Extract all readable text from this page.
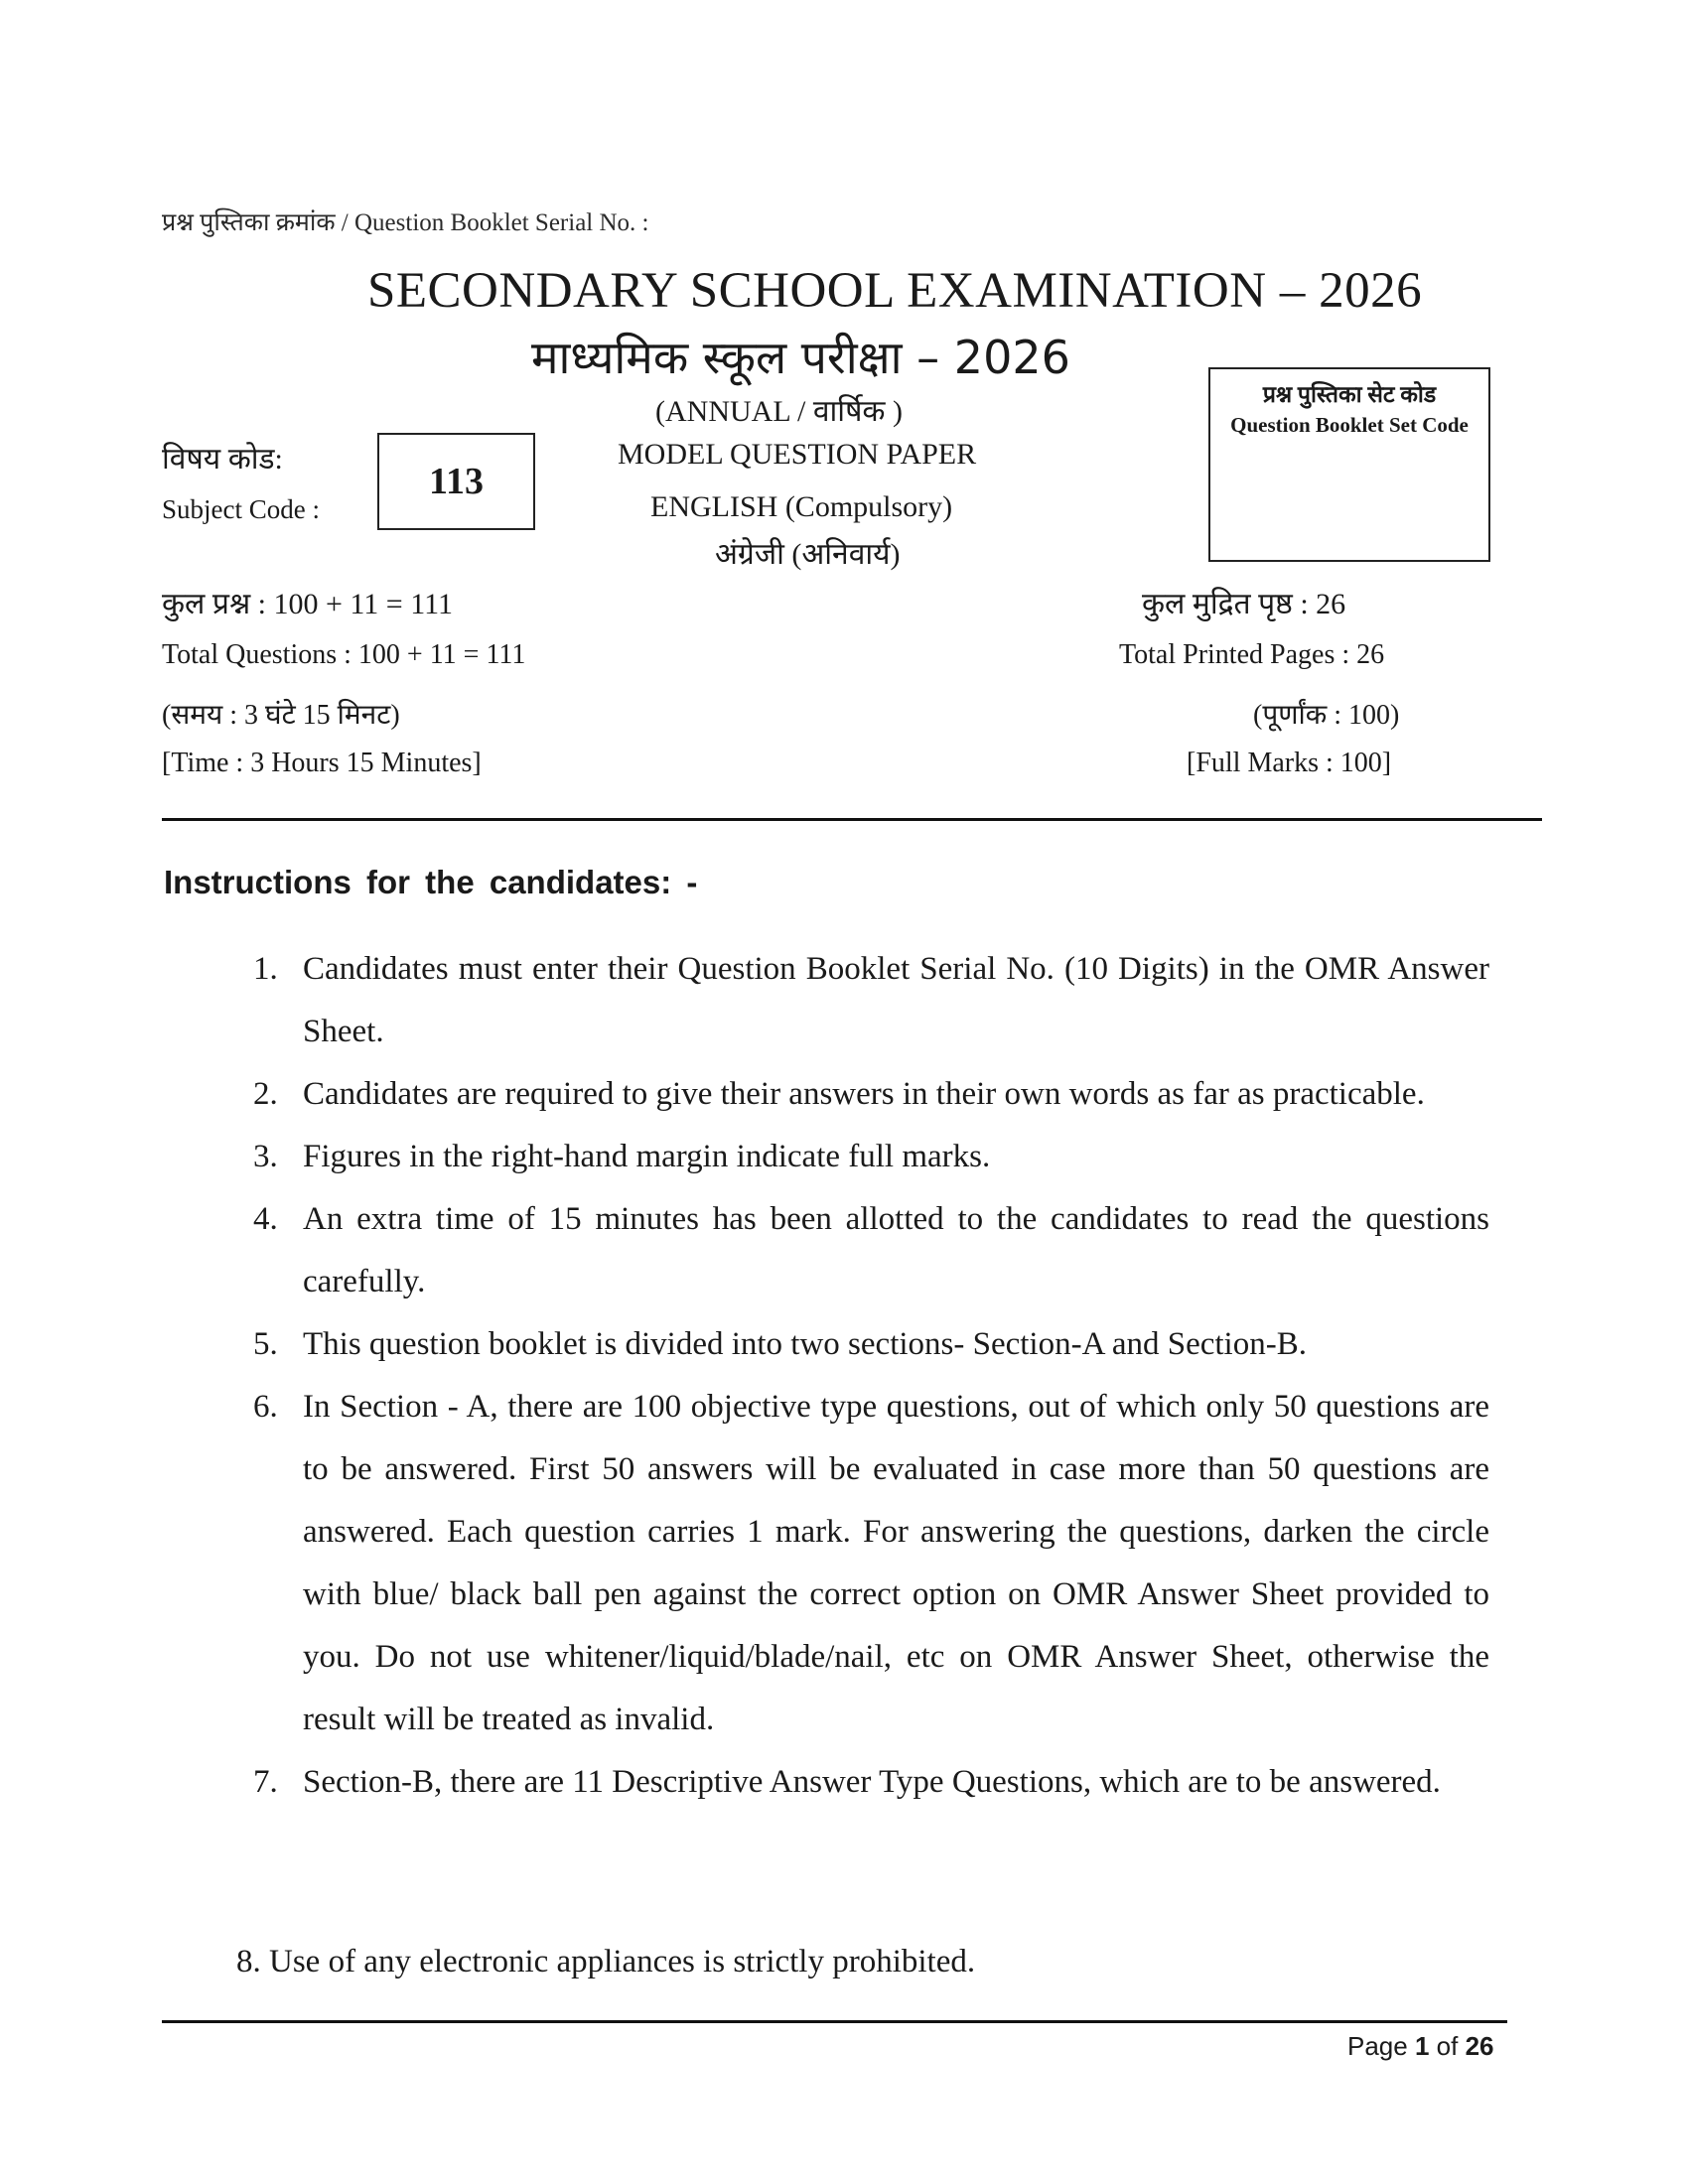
प्रश्न पुस्तिका क्रमांक / Question Booklet Serial No. :
SECONDARY SCHOOL EXAMINATION – 2026
माध्यमिक स्कूल परीक्षा – 2026
(ANNUAL / वार्षिक )
MODEL QUESTION PAPER
ENGLISH (Compulsory)
अंग्रेजी (अनिवार्य)
विषय कोड:
Subject Code :
113
प्रश्न पुस्तिका सेट कोड
Question Booklet Set Code
कुल प्रश्न : 100 + 11 = 111
Total Questions : 100 + 11 = 111
कुल मुद्रित पृष्ठ : 26
Total Printed Pages : 26
(समय : 3 घंटे 15 मिनट)
[Time : 3 Hours 15 Minutes]
(पूर्णांक : 100)
[Full Marks : 100]
Instructions for the candidates: -
1. Candidates must enter their Question Booklet Serial No. (10 Digits) in the OMR Answer Sheet.
2. Candidates are required to give their answers in their own words as far as practicable.
3. Figures in the right-hand margin indicate full marks.
4. An extra time of 15 minutes has been allotted to the candidates to read the questions carefully.
5. This question booklet is divided into two sections- Section-A and Section-B.
6. In Section - A, there are 100 objective type questions, out of which only 50 questions are to be answered. First 50 answers will be evaluated in case more than 50 questions are answered. Each question carries 1 mark. For answering the questions, darken the circle with blue/ black ball pen against the correct option on OMR Answer Sheet provided to you. Do not use whitener/liquid/blade/nail, etc on OMR Answer Sheet, otherwise the result will be treated as invalid.
7. Section-B, there are 11 Descriptive Answer Type Questions, which are to be answered.
8. Use of any electronic appliances is strictly prohibited.
Page 1 of 26
